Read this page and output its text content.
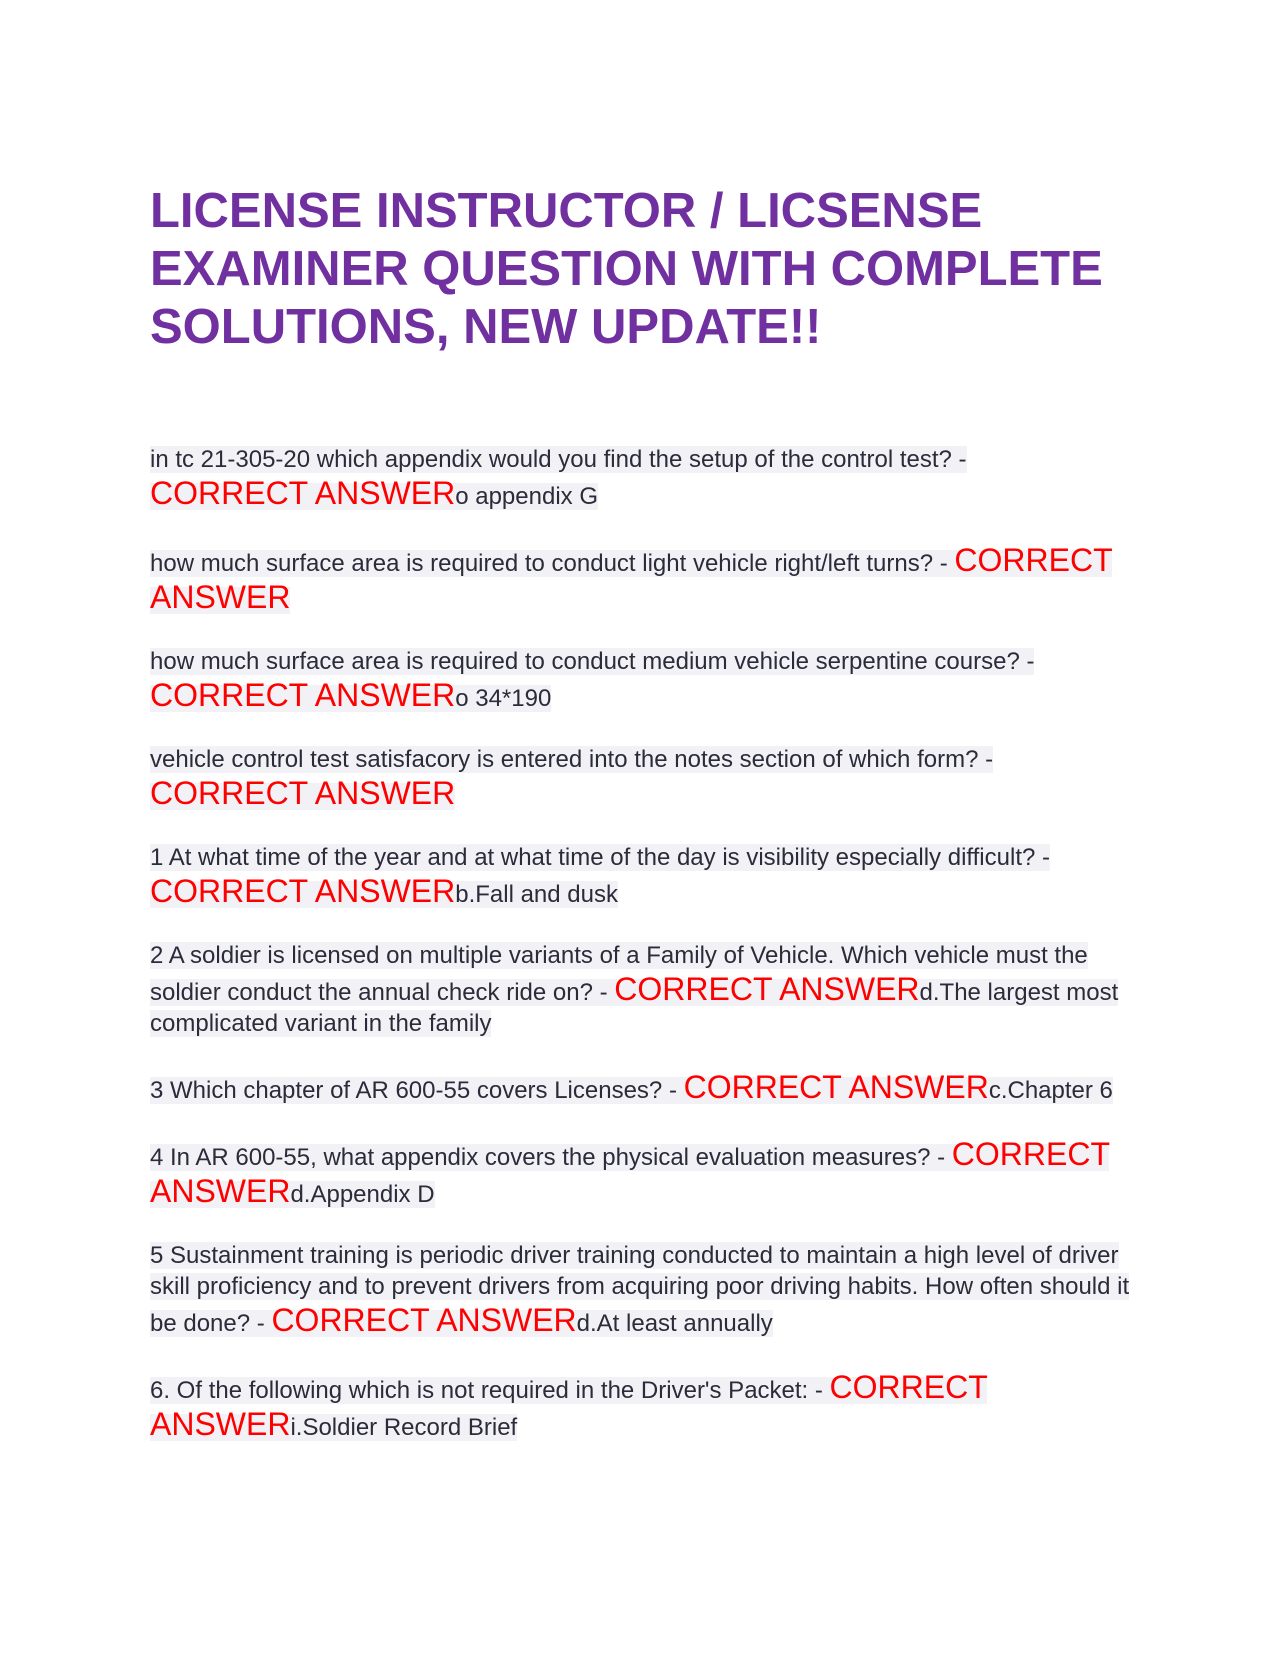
LICENSE INSTRUCTOR / LICSENSE EXAMINER QUESTION WITH COMPLETE SOLUTIONS, NEW UPDATE!!

in tc 21-305-20 which appendix would you find the setup of the control test? - CORRECT ANSWERo appendix G

how much surface area is required to conduct light vehicle right/left turns? - CORRECT ANSWER

how much surface area is required to conduct medium vehicle serpentine course? - CORRECT ANSWERo 34*190

vehicle control test satisfacory is entered into the notes section of which form? - CORRECT ANSWER

1 At what time of the year and at what time of the day is visibility especially difficult? - CORRECT ANSWERb.Fall and dusk

2 A soldier is licensed on multiple variants of a Family of Vehicle. Which vehicle must the soldier conduct the annual check ride on? - CORRECT ANSWERd.The largest most complicated variant in the family

3 Which chapter of AR 600-55 covers Licenses? - CORRECT ANSWERc.Chapter 6

4 In AR 600-55, what appendix covers the physical evaluation measures? - CORRECT ANSWERd.Appendix D

5 Sustainment training is periodic driver training conducted to maintain a high level of driver skill proficiency and to prevent drivers from acquiring poor driving habits. How often should it be done? - CORRECT ANSWERd.At least annually

6. Of the following which is not required in the Driver's Packet: - CORRECT ANSWERi.Soldier Record Brief
